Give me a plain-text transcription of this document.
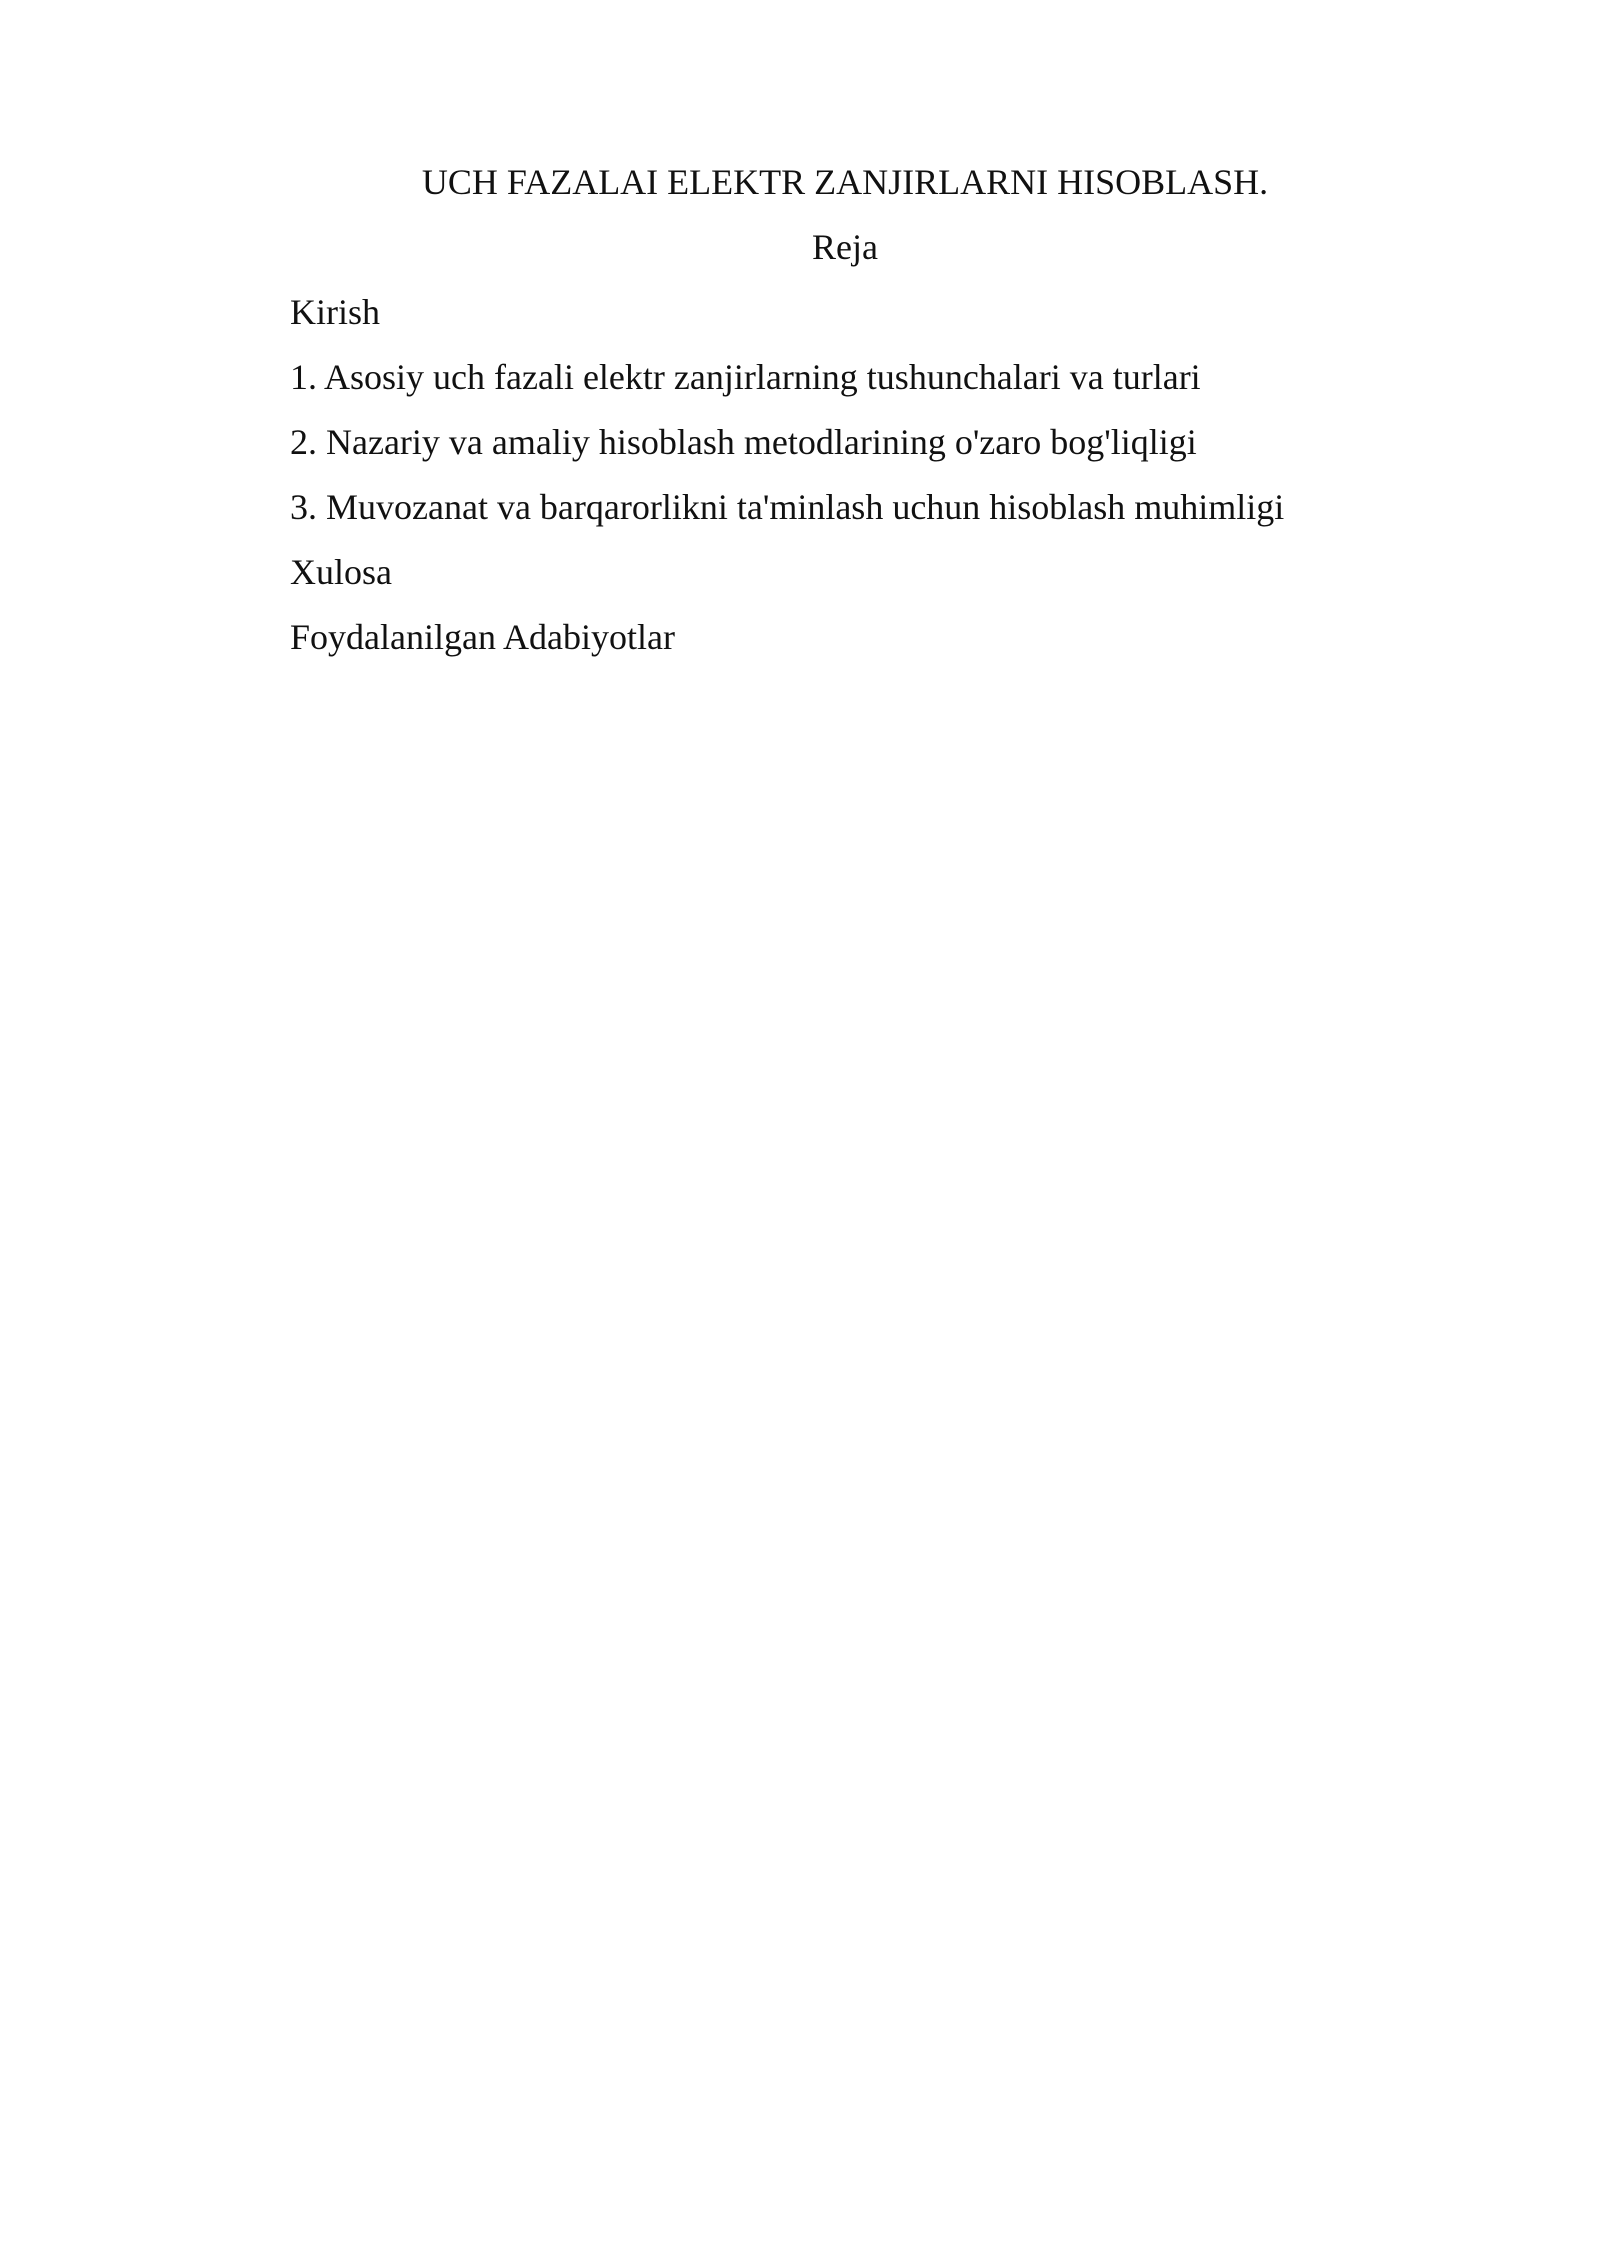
UCH FAZALAI ELEKTR ZANJIRLARNI HISOBLASH.
Reja
Kirish
1. Asosiy uch fazali elektr zanjirlarning tushunchalari va turlari
2. Nazariy va amaliy hisoblash metodlarining o'zaro bog'liqligi
3. Muvozanat va barqarorlikni ta'minlash uchun hisoblash muhimligi
Xulosa
Foydalanilgan Adabiyotlar
